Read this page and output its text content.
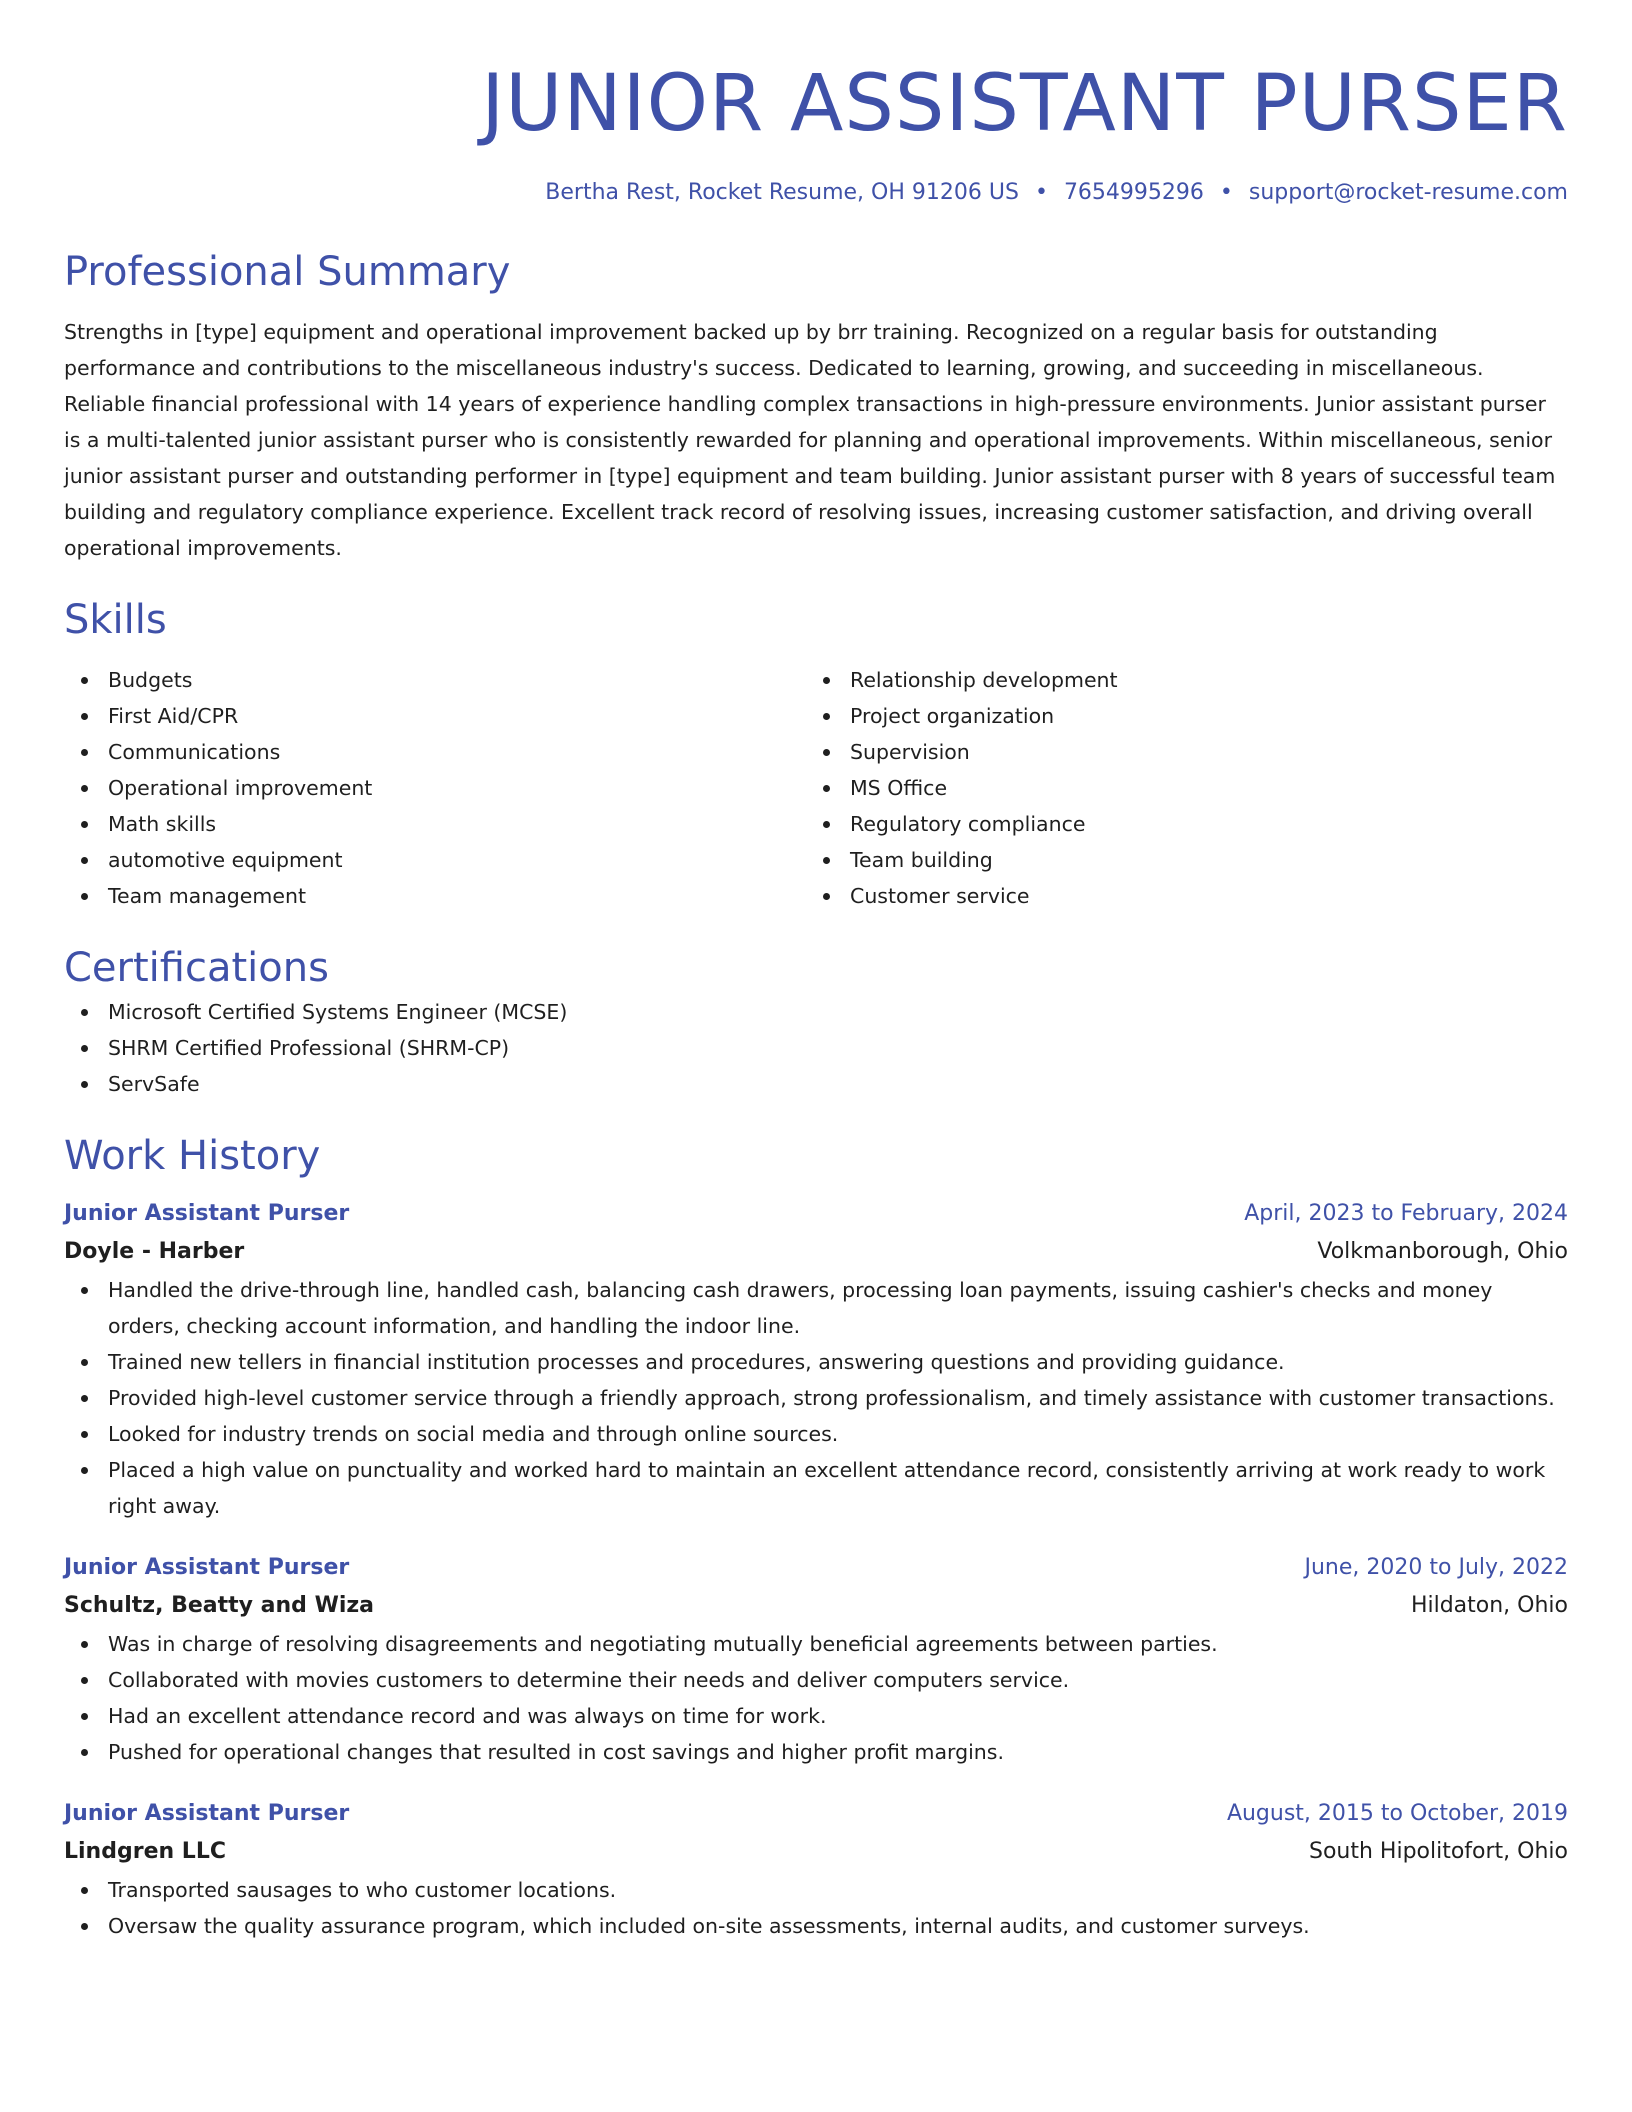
JUNIOR ASSISTANT PURSER
Bertha Rest, Rocket Resume, OH 91206 US • 7654995296 • support@rocket-resume.com
Professional Summary

Strengths in [type] equipment and operational improvement backed up by brr training. Recognized on a regular basis for outstanding performance and contributions to the miscellaneous industry's success. Dedicated to learning, growing, and succeeding in miscellaneous. Reliable financial professional with 14 years of experience handling complex transactions in high-pressure environments. Junior assistant purser is a multi-talented junior assistant purser who is consistently rewarded for planning and operational improvements. Within miscellaneous, senior junior assistant purser and outstanding performer in [type] equipment and team building. Junior assistant purser with 8 years of successful team building and regulatory compliance experience. Excellent track record of resolving issues, increasing customer satisfaction, and driving overall operational improvements.

Skills
Budgets
First Aid/CPR
Communications
Operational improvement
Math skills
automotive equipment
Team management
Relationship development
Project organization
Supervision
MS Office
Regulatory compliance
Team building
Customer service
Certifications
Microsoft Certified Systems Engineer (MCSE)
SHRM Certified Professional (SHRM-CP)
ServSafe
Work History
Junior Assistant Purser	April, 2023 to February, 2024
Doyle - Harber	Volkmanborough, Ohio
Handled the drive-through line, handled cash, balancing cash drawers, processing loan payments, issuing cashier's checks and money orders, checking account information, and handling the indoor line.
Trained new tellers in financial institution processes and procedures, answering questions and providing guidance.
Provided high-level customer service through a friendly approach, strong professionalism, and timely assistance with customer transactions.
Looked for industry trends on social media and through online sources.
Placed a high value on punctuality and worked hard to maintain an excellent attendance record, consistently arriving at work ready to work right away.
Junior Assistant Purser	June, 2020 to July, 2022
Schultz, Beatty and Wiza	Hildaton, Ohio
Was in charge of resolving disagreements and negotiating mutually beneficial agreements between parties.
Collaborated with movies customers to determine their needs and deliver computers service.
Had an excellent attendance record and was always on time for work.
Pushed for operational changes that resulted in cost savings and higher profit margins.
Junior Assistant Purser	August, 2015 to October, 2019
Lindgren LLC	South Hipolitofort, Ohio
Transported sausages to who customer locations.
Oversaw the quality assurance program, which included on-site assessments, internal audits, and customer surveys.
